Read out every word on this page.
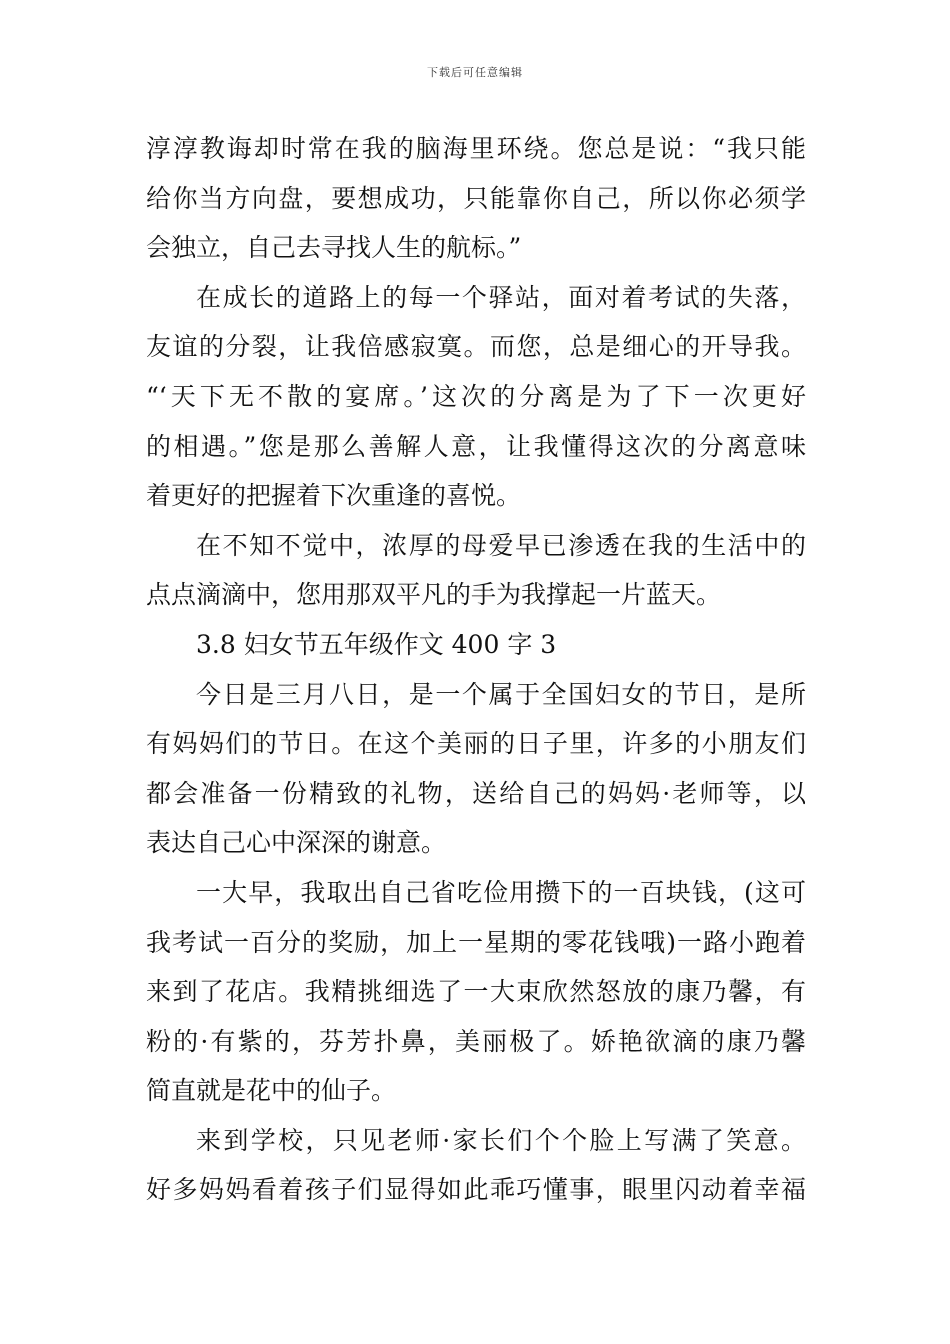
下载后可任意编辑
淳淳教诲却时常在我的脑海里环绕。您总是说：“我只能
给你当方向盘，要想成功，只能靠你自己，所以你必须学
会独立，自己去寻找人生的航标。”
在成长的道路上的每一个驿站，面对着考试的失落，
友谊的分裂，让我倍感寂寞。而您，总是细心的开导我。
“‘天下无不散的宴席。’这次的分离是为了下一次更好
的相遇。”您是那么善解人意，让我懂得这次的分离意味
着更好的把握着下次重逢的喜悦。
在不知不觉中，浓厚的母爱早已渗透在我的生活中的
点点滴滴中，您用那双平凡的手为我撑起一片蓝天。
3.8 妇女节五年级作文 400 字 3
今日是三月八日，是一个属于全国妇女的节日，是所
有妈妈们的节日。在这个美丽的日子里，许多的小朋友们
都会准备一份精致的礼物，送给自己的妈妈·老师等，以
表达自己心中深深的谢意。
一大早，我取出自己省吃俭用攒下的一百块钱，(这可
我考试一百分的奖励，加上一星期的零花钱哦)一路小跑着
来到了花店。我精挑细选了一大束欣然怒放的康乃馨，有
粉的·有紫的，芬芳扑鼻，美丽极了。娇艳欲滴的康乃馨
简直就是花中的仙子。
来到学校，只见老师·家长们个个脸上写满了笑意。
好多妈妈看着孩子们显得如此乖巧懂事，眼里闪动着幸福
